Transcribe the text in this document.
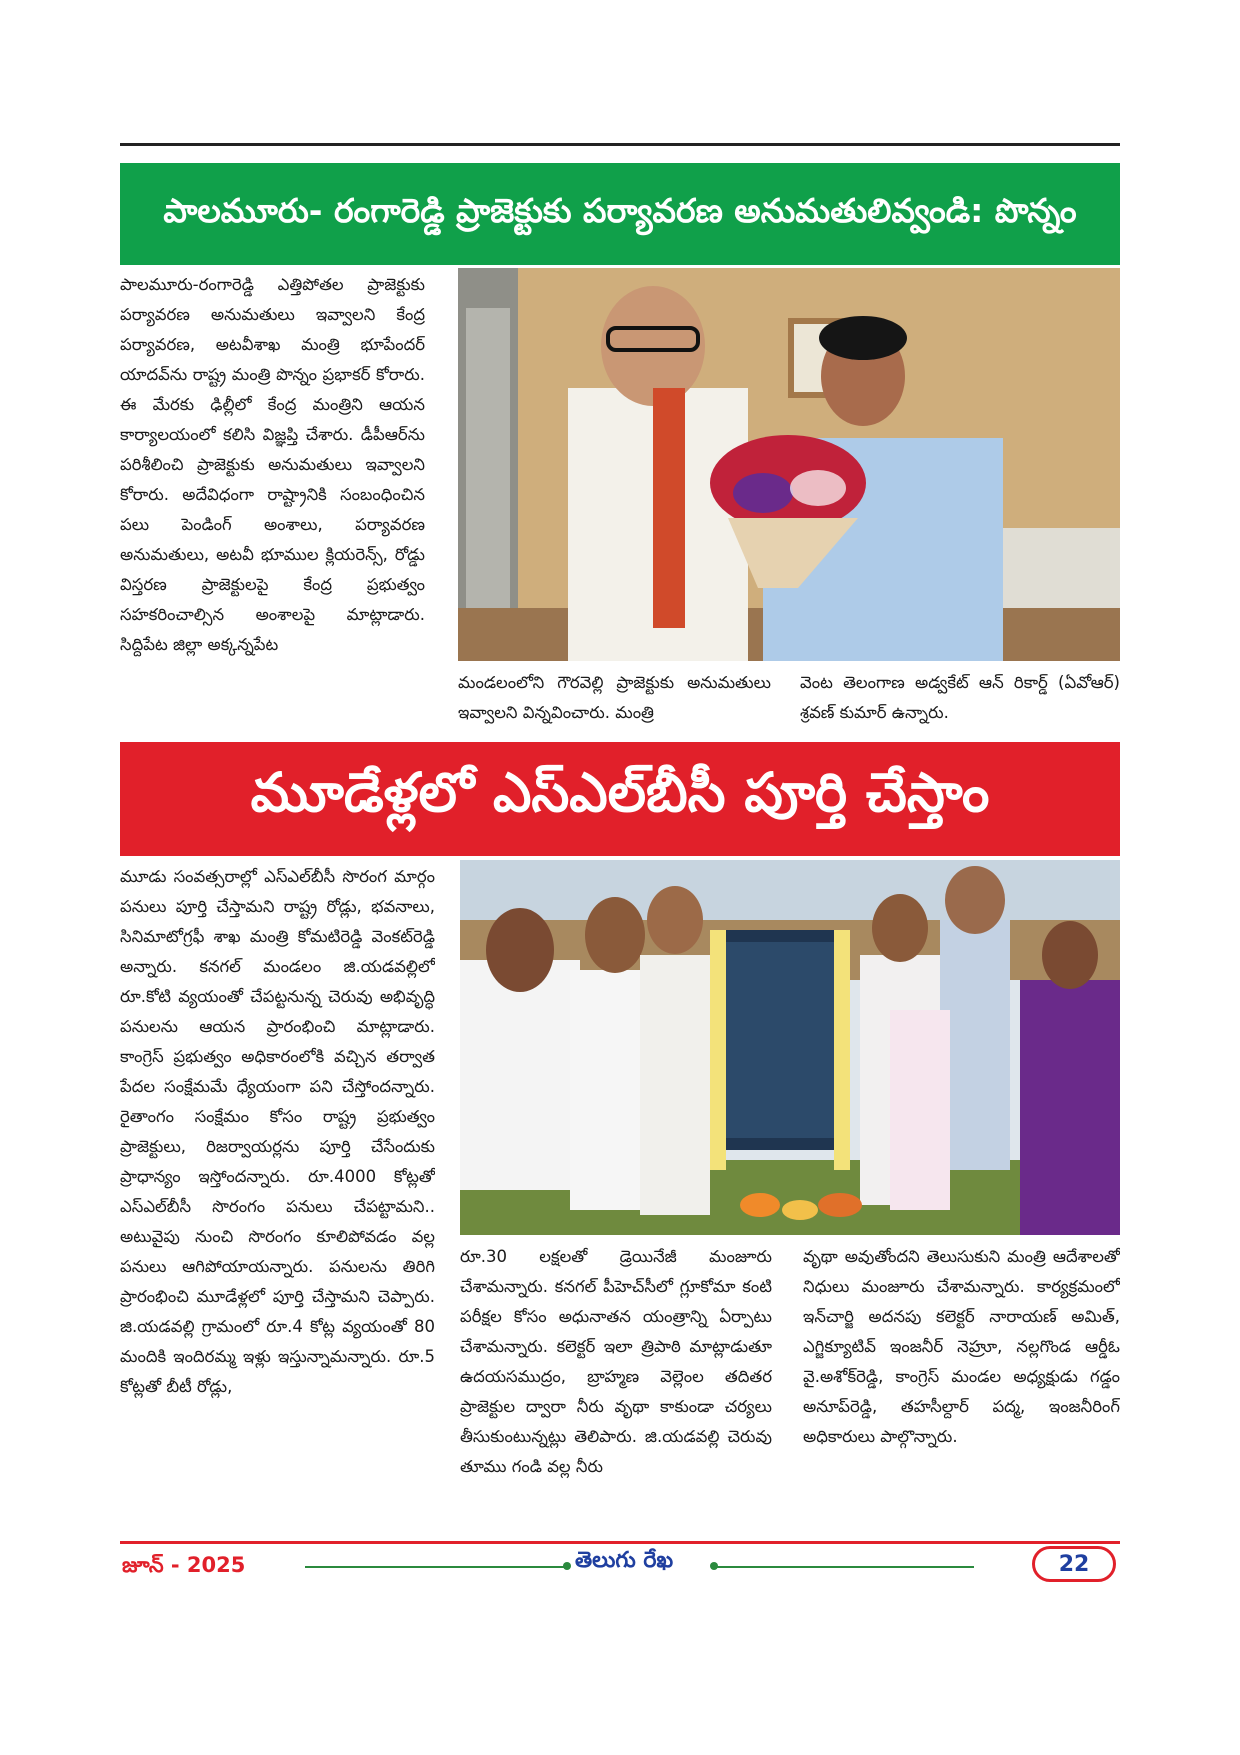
పాలమూరు- రంగారెడ్డి ప్రాజెక్టుకు పర్యావరణ అనుమతులివ్వండి: పొన్నం

పాలమూరు-రంగారెడ్డి ఎత్తిపోతల ప్రాజెక్టుకు పర్యావరణ అనుమతులు ఇవ్వాలని కేంద్ర పర్యావరణ, అటవీశాఖ మంత్రి భూపేందర్ యాదవ్‌ను రాష్ట్ర మంత్రి పొన్నం ప్రభాకర్ కోరారు. ఈ మేరకు ఢిల్లీలో కేంద్ర మంత్రిని ఆయన కార్యాలయంలో కలిసి విజ్ఞప్తి చేశారు. డీపీఆర్‌ను పరిశీలించి ప్రాజెక్టుకు అనుమతులు ఇవ్వాలని కోరారు. అదేవిధంగా రాష్ట్రానికి సంబంధించిన పలు పెండింగ్ అంశాలు, పర్యావరణ అనుమతులు, అటవీ భూముల క్లియరెన్స్, రోడ్డు విస్తరణ ప్రాజెక్టులపై కేంద్ర ప్రభుత్వం సహకరించాల్సిన అంశాలపై మాట్లాడారు. సిద్దిపేట జిల్లా అక్కన్నపేట

మండలంలోని గౌరవెల్లి ప్రాజెక్టుకు అనుమతులు ఇవ్వాలని విన్నవించారు. మంత్రి

వెంట తెలంగాణ అడ్వకేట్ ఆన్ రికార్డ్ (ఏవోఆర్) శ్రవణ్ కుమార్ ఉన్నారు.

మూడేళ్లలో ఎస్ఎల్‌బీసీ పూర్తి చేస్తాం

మూడు సంవత్సరాల్లో ఎస్ఎల్‌బీసీ సొరంగ మార్గం పనులు పూర్తి చేస్తామని రాష్ట్ర రోడ్లు, భవనాలు, సినిమాటోగ్రఫీ శాఖ మంత్రి కోమటిరెడ్డి వెంకట్‌రెడ్డి అన్నారు. కనగల్ మండలం జి.యడవల్లిలో రూ.కోటి వ్యయంతో చేపట్టనున్న చెరువు అభివృద్ధి పనులను ఆయన ప్రారంభించి మాట్లాడారు. కాంగ్రెస్ ప్రభుత్వం అధికారంలోకి వచ్చిన తర్వాత పేదల సంక్షేమమే ధ్యేయంగా పని చేస్తోందన్నారు. రైతాంగం సంక్షేమం కోసం రాష్ట్ర ప్రభుత్వం ప్రాజెక్టులు, రిజర్వాయర్లను పూర్తి చేసేందుకు ప్రాధాన్యం ఇస్తోందన్నారు. రూ.4000 కోట్లతో ఎస్ఎల్‌బీసీ సొరంగం పనులు చేపట్టామని.. అటువైపు నుంచి సొరంగం కూలిపోవడం వల్ల పనులు ఆగిపోయాయన్నారు. పనులను తిరిగి ప్రారంభించి మూడేళ్లలో పూర్తి చేస్తామని చెప్పారు. జి.యడవల్లి గ్రామంలో రూ.4 కోట్ల వ్యయంతో 80 మందికి ఇందిరమ్మ ఇళ్లు ఇస్తున్నామన్నారు. రూ.5 కోట్లతో బీటీ రోడ్లు,

రూ.30 లక్షలతో డ్రెయినేజీ మంజూరు చేశామన్నారు. కనగల్ పీహెచ్‌సీలో గ్లూకోమా కంటి పరీక్షల కోసం అధునాతన యంత్రాన్ని ఏర్పాటు చేశామన్నారు. కలెక్టర్ ఇలా త్రిపాఠి మాట్లాడుతూ ఉదయసముద్రం, బ్రాహ్మణ వెల్లెంల తదితర ప్రాజెక్టుల ద్వారా నీరు వృథా కాకుండా చర్యలు తీసుకుంటున్నట్లు తెలిపారు. జి.యడవల్లి చెరువు తూము గండి వల్ల నీరు

వృథా అవుతోందని తెలుసుకుని మంత్రి ఆదేశాలతో నిధులు మంజూరు చేశామన్నారు. కార్యక్రమంలో ఇన్‌చార్జి అదనపు కలెక్టర్ నారాయణ్ అమిత్, ఎగ్జిక్యూటివ్ ఇంజనీర్ నెహ్రూ, నల్లగొండ ఆర్డీఓ వై.అశోక్‌రెడ్డి, కాంగ్రెస్ మండల అధ్యక్షుడు గడ్డం అనూప్‌రెడ్డి, తహసీల్దార్ పద్మ, ఇంజనీరింగ్ అధికారులు పాల్గొన్నారు.

జూన్ - 2025	తెలుగు రేఖ	22
